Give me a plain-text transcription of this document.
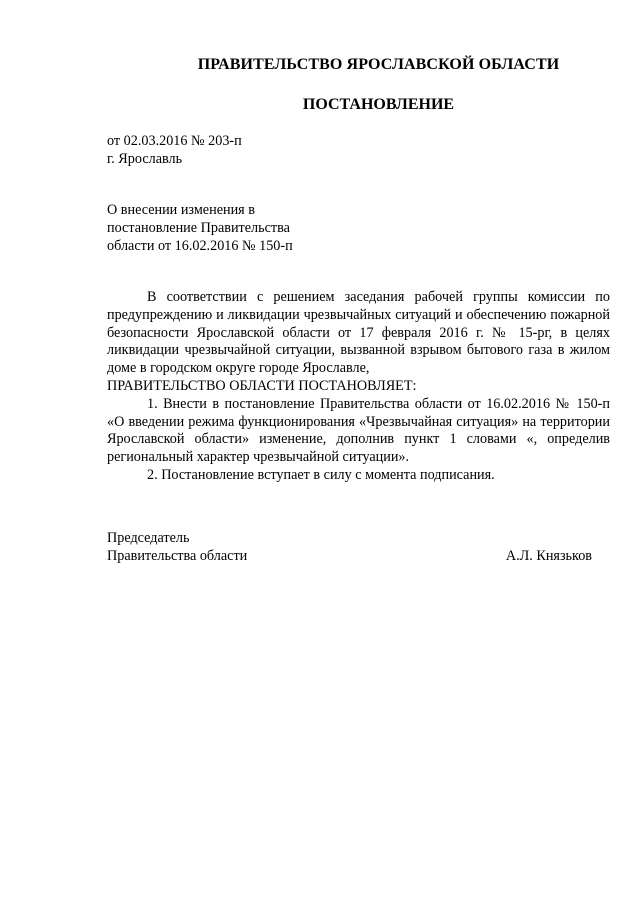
ПРАВИТЕЛЬСТВО ЯРОСЛАВСКОЙ ОБЛАСТИ
ПОСТАНОВЛЕНИЕ
от 02.03.2016 № 203-п
г. Ярославль
О внесении изменения в
постановление Правительства
области от 16.02.2016 № 150-п

В соответствии с решением заседания рабочей группы комиссии по предупреждению и ликвидации чрезвычайных ситуаций и обеспечению пожарной безопасности Ярославской области от 17 февраля 2016 г. № 15-рг, в целях ликвидации чрезвычайной ситуации, вызванной взрывом бытового газа в жилом доме в городском округе городе Ярославле,

ПРАВИТЕЛЬСТВО ОБЛАСТИ ПОСТАНОВЛЯЕТ:

1. Внести в постановление Правительства области от 16.02.2016 № 150-п «О введении режима функционирования «Чрезвычайная ситуация» на территории Ярославской области» изменение, дополнив пункт 1 словами «, определив региональный характер чрезвычайной ситуации».

2. Постановление вступает в силу с момента подписания.

Председатель
Правительства области	А.Л. Князьков
